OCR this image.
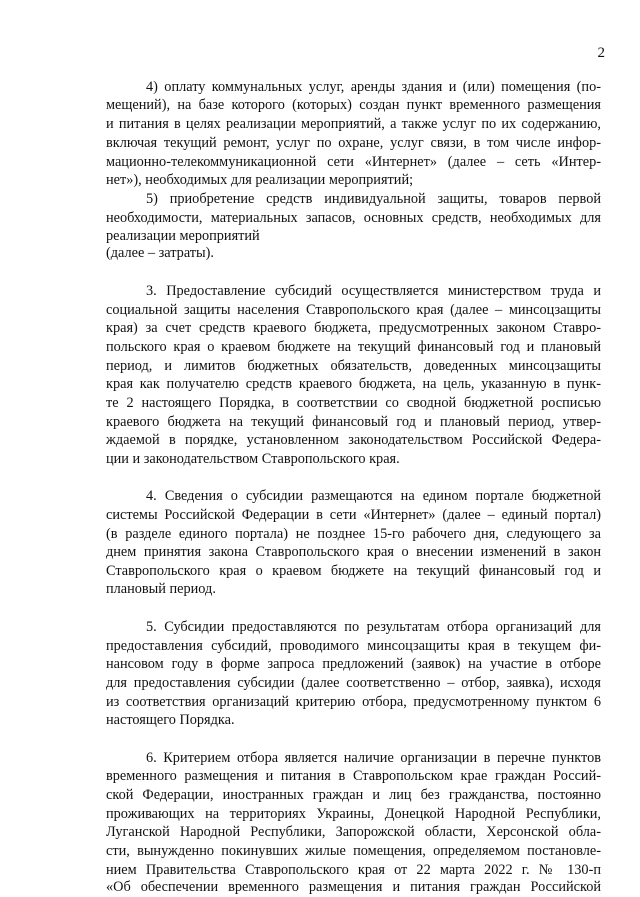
2
4) оплату коммунальных услуг, аренды здания и (или) помещения (по-
мещений), на базе которого (которых) создан пункт временного размещения
и питания в целях реализации мероприятий, а также услуг по их содержанию,
включая текущий ремонт, услуг по охране, услуг связи, в том числе инфор-
мационно-телекоммуникационной сети «Интернет» (далее – сеть «Интер-
нет»), необходимых для реализации мероприятий;
5) приобретение средств индивидуальной защиты, товаров первой
необходимости, материальных запасов, основных средств, необходимых для
реализации мероприятий
(далее – затраты).
3. Предоставление субсидий осуществляется министерством труда и
социальной защиты населения Ставропольского края (далее – минсоцзащиты
края) за счет средств краевого бюджета, предусмотренных законом Ставро-
польского края о краевом бюджете на текущий финансовый год и плановый
период, и лимитов бюджетных обязательств, доведенных минсоцзащиты
края как получателю средств краевого бюджета, на цель, указанную в пунк-
те 2 настоящего Порядка, в соответствии со сводной бюджетной росписью
краевого бюджета на текущий финансовый год и плановый период, утвер-
ждаемой в порядке, установленном законодательством Российской Федера-
ции и законодательством Ставропольского края.
4. Сведения о субсидии размещаются на едином портале бюджетной
системы Российской Федерации в сети «Интернет» (далее – единый портал)
(в разделе единого портала) не позднее 15-го рабочего дня, следующего за
днем принятия закона Ставропольского края о внесении изменений в закон
Ставропольского края о краевом бюджете на текущий финансовый год и
плановый период.
5. Субсидии предоставляются по результатам отбора организаций для
предоставления субсидий, проводимого минсоцзащиты края в текущем фи-
нансовом году в форме запроса предложений (заявок) на участие в отборе
для предоставления субсидии (далее соответственно – отбор, заявка), исходя
из соответствия организаций критерию отбора, предусмотренному пунктом 6
настоящего Порядка.
6. Критерием отбора является наличие организации в перечне пунктов
временного размещения и питания в Ставропольском крае граждан Россий-
ской Федерации, иностранных граждан и лиц без гражданства, постоянно
проживающих на территориях Украины, Донецкой Народной Республики,
Луганской Народной Республики, Запорожской области, Херсонской обла-
сти, вынужденно покинувших жилые помещения, определяемом постановле-
нием Правительства Ставропольского края от 22 марта 2022 г. № 130-п
«Об обеспечении временного размещения и питания граждан Российской
